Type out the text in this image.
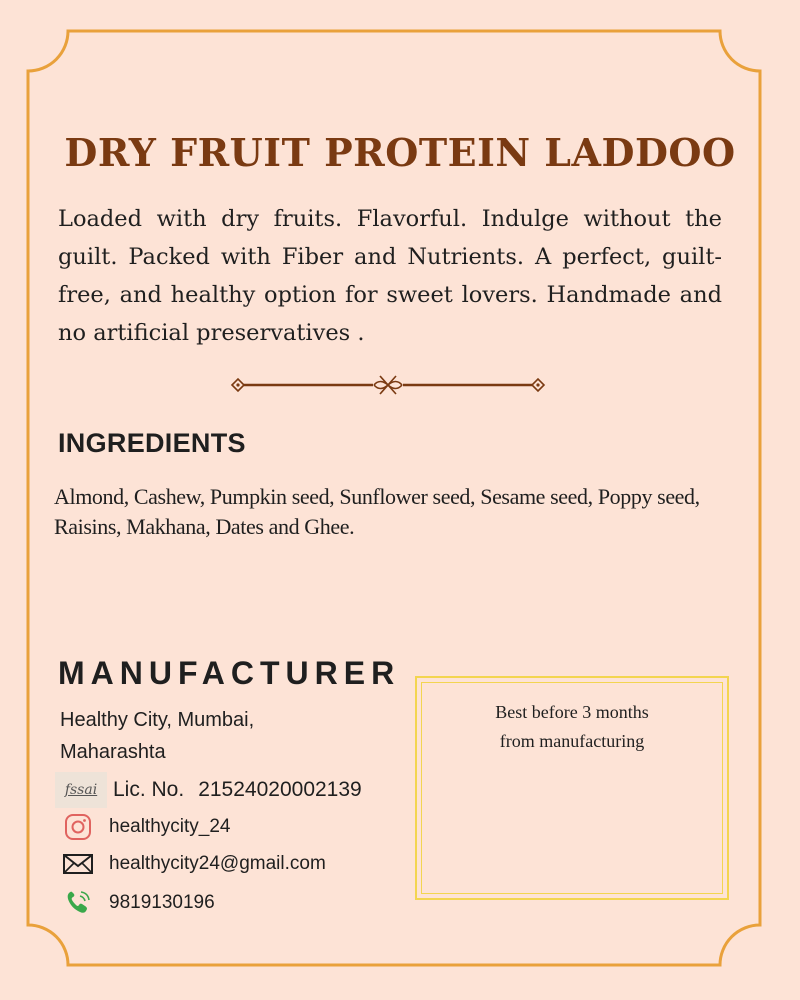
DRY FRUIT PROTEIN LADDOO

Loaded with dry fruits. Flavorful. Indulge without the guilt. Packed with Fiber and Nutrients. A perfect, guilt-free, and healthy option for sweet lovers. Handmade and no artificial preservatives .

INGREDIENTS

Almond, Cashew, Pumpkin seed, Sunflower seed, Sesame seed, Poppy seed, Raisins, Makhana, Dates and Ghee.

MANUFACTURER
Healthy City, Mumbai,
Maharashta
fssai Lic. No. 21524020002139
healthycity_24
healthycity24@gmail.com
9819130196
Best before 3 months
from manufacturing
